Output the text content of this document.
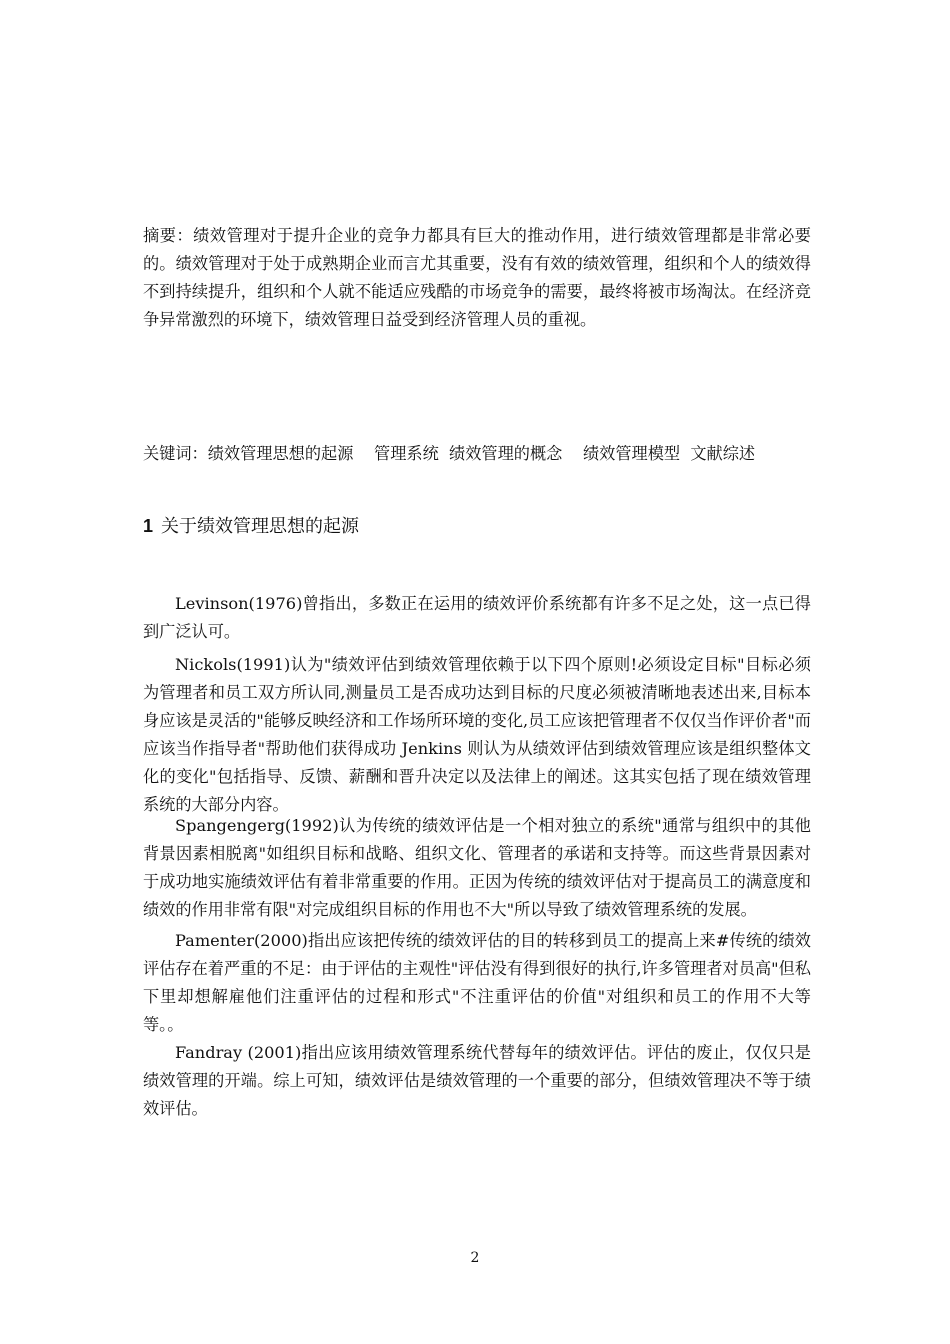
摘要：绩效管理对于提升企业的竞争力都具有巨大的推动作用，进行绩效管理都是非常必要的。绩效管理对于处于成熟期企业而言尤其重要，没有有效的绩效管理，组织和个人的绩效得不到持续提升，组织和个人就不能适应残酷的市场竞争的需要，最终将被市场淘汰。在经济竞争异常激烈的环境下，绩效管理日益受到经济管理人员的重视。
关键词：绩效管理思想的起源    管理系统  绩效管理的概念    绩效管理模型  文献综述
1 关于绩效管理思想的起源
Levinson(1976)曾指出，多数正在运用的绩效评价系统都有许多不足之处，这一点已得到广泛认可。
Nickols(1991)认为"绩效评估到绩效管理依赖于以下四个原则!必须设定目标"目标必须为管理者和员工双方所认同,测量员工是否成功达到目标的尺度必须被清晰地表述出来,目标本身应该是灵活的"能够反映经济和工作场所环境的变化,员工应该把管理者不仅仅当作评价者"而应该当作指导者"帮助他们获得成功 Jenkins 则认为从绩效评估到绩效管理应该是组织整体文化的变化"包括指导、反馈、薪酬和晋升决定以及法律上的阐述。这其实包括了现在绩效管理系统的大部分内容。
Spangengerg(1992)认为传统的绩效评估是一个相对独立的系统"通常与组织中的其他背景因素相脱离"如组织目标和战略、组织文化、管理者的承诺和支持等。而这些背景因素对于成功地实施绩效评估有着非常重要的作用。正因为传统的绩效评估对于提高员工的满意度和绩效的作用非常有限"对完成组织目标的作用也不大"所以导致了绩效管理系统的发展。
Pamenter(2000)指出应该把传统的绩效评估的目的转移到员工的提高上来#传统的绩效评估存在着严重的不足：由于评估的主观性"评估没有得到很好的执行,许多管理者对员高"但私下里却想解雇他们注重评估的过程和形式"不注重评估的价值"对组织和员工的作用不大等等。。
Fandray (2001)指出应该用绩效管理系统代替每年的绩效评估。评估的废止，仅仅只是绩效管理的开端。综上可知，绩效评估是绩效管理的一个重要的部分，但绩效管理决不等于绩效评估。
2
